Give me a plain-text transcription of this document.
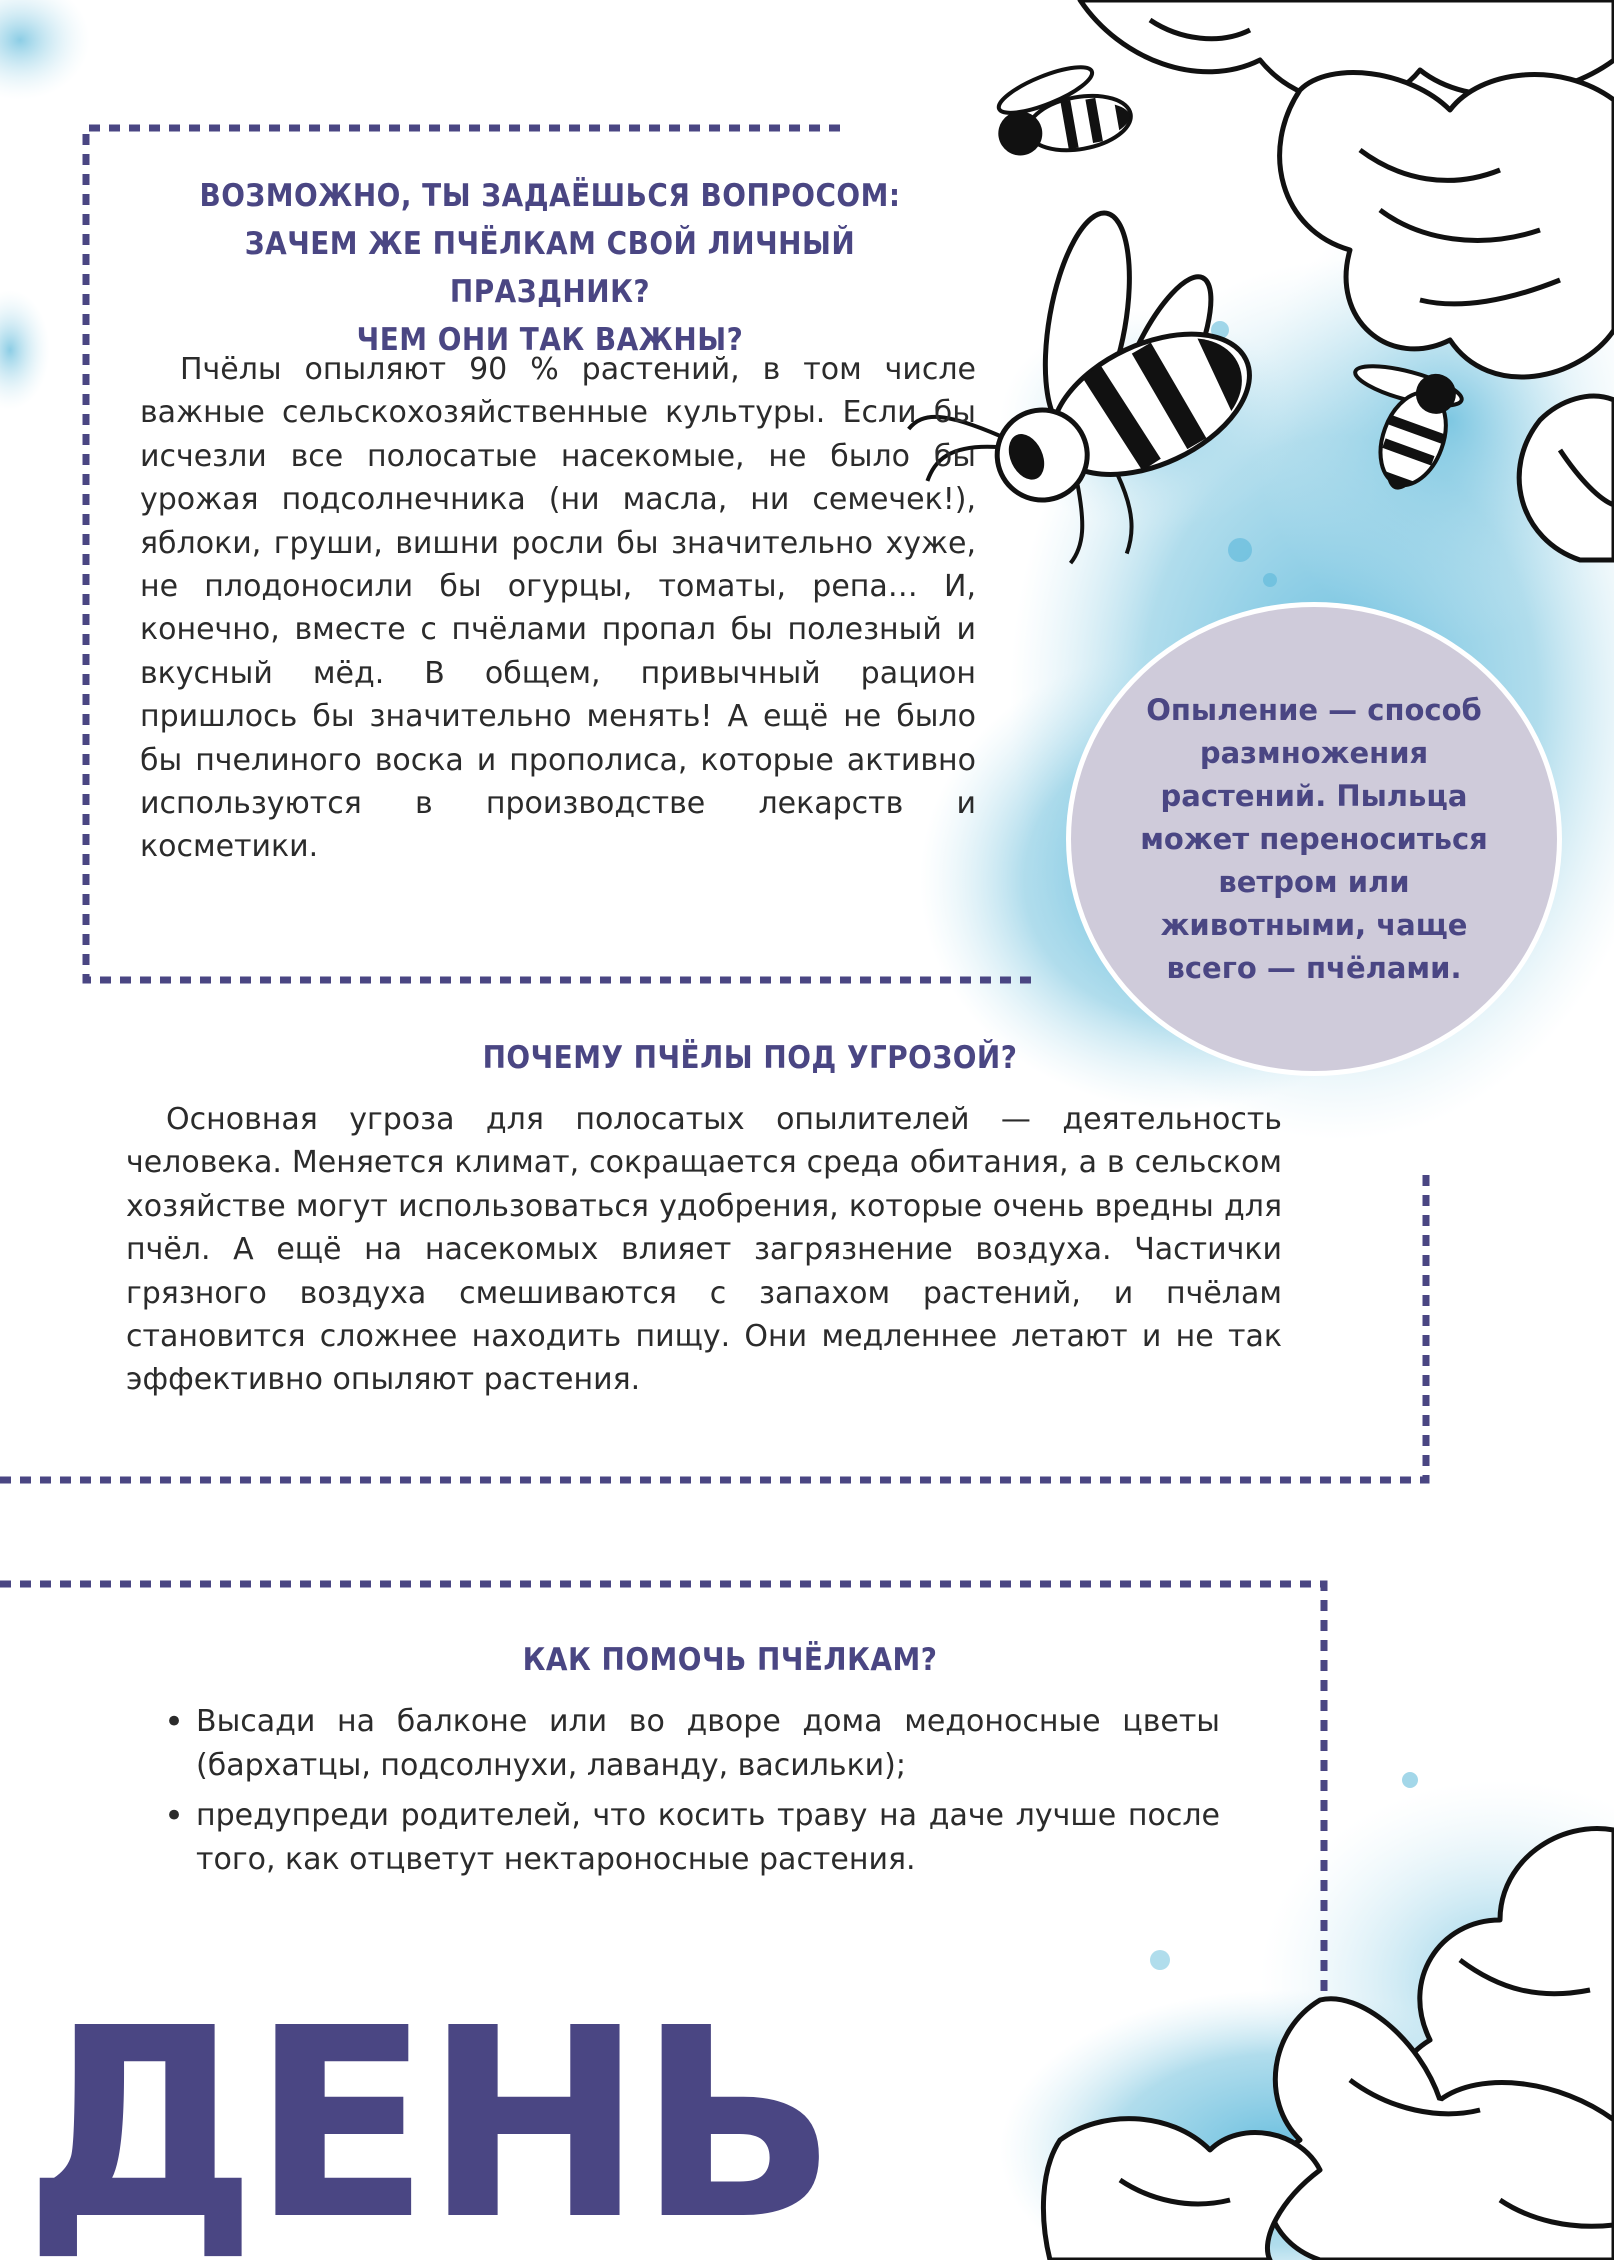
ВОЗМОЖНО, ТЫ ЗАДАЁШЬСЯ ВОПРОСОМ:
ЗАЧЕМ ЖЕ ПЧЁЛКАМ СВОЙ ЛИЧНЫЙ ПРАЗДНИК?
ЧЕМ ОНИ ТАК ВАЖНЫ?

Пчёлы опыляют 90 % растений, в том числе важные сельскохозяйственные культуры. Если бы исчезли все полосатые насекомые, не было бы урожая подсолнечника (ни масла, ни семечек!), яблоки, груши, вишни росли бы значительно хуже, не плодоносили бы огурцы, томаты, репа… И, конечно, вместе с пчёлами пропал бы полезный и вкусный мёд. В общем, привычный рацион пришлось бы значительно менять! А ещё не было бы пчелиного воска и прополиса, которые активно используются в производстве лекарств и косметики.

Опыление — способ размножения растений. Пыльца может переноситься ветром или животными, чаще всего — пчёлами.
ПОЧЕМУ ПЧЁЛЫ ПОД УГРОЗОЙ?

Основная угроза для полосатых опылителей — деятельность человека. Меняется климат, сокращается среда обитания, а в сельском хозяйстве могут использоваться удобрения, которые очень вредны для пчёл. А ещё на насекомых влияет загрязнение воздуха. Частички грязного воздуха смешиваются с запахом растений, и пчёлам становится сложнее находить пищу. Они медленнее летают и не так эффективно опыляют растения.

КАК ПОМОЧЬ ПЧЁЛКАМ?
• Высади на балконе или во дворе дома медоносные цветы (бархатцы, подсолнухи, лаванду, васильки);
• предупреди родителей, что косить траву на даче лучше после того, как отцветут нектароносные растения.
ДЕНЬ
